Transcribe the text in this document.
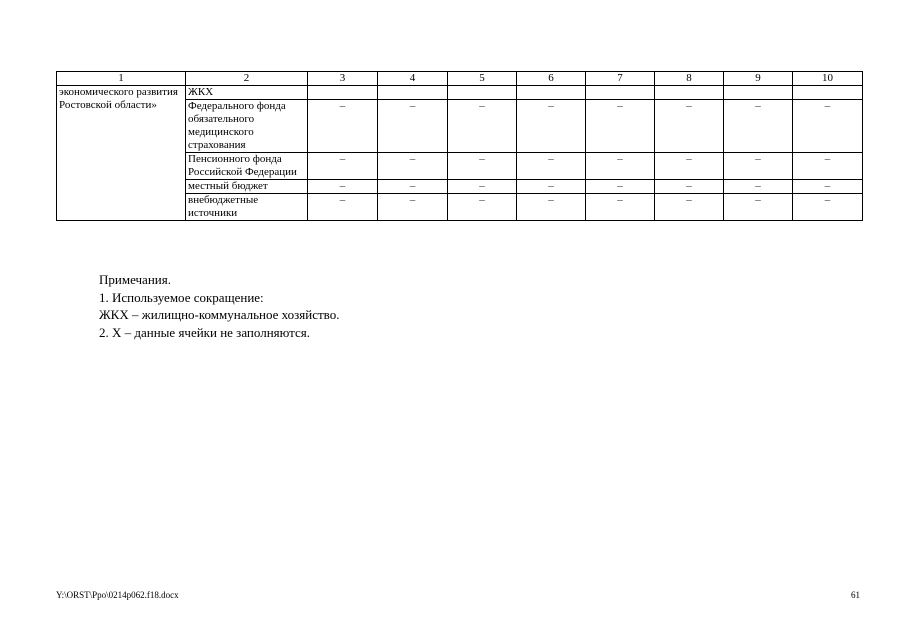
1	2	3	4	5	6	7	8	9	10
экономического развития Ростовской области»	ЖКХ								
	Федерального фонда обязательного медицинского страхования	–	–	–	–	–	–	–	–
	Пенсионного фонда Российской Федерации	–	–	–	–	–	–	–	–
	местный бюджет	–	–	–	–	–	–	–	–
	внебюджетные источники	–	–	–	–	–	–	–	–
Примечания.
1. Используемое сокращение:
ЖКХ – жилищно-коммунальное хозяйство.
2. Х – данные ячейки не заполняются.
Y:\ORST\Ppo\0214p062.f18.docx	61
